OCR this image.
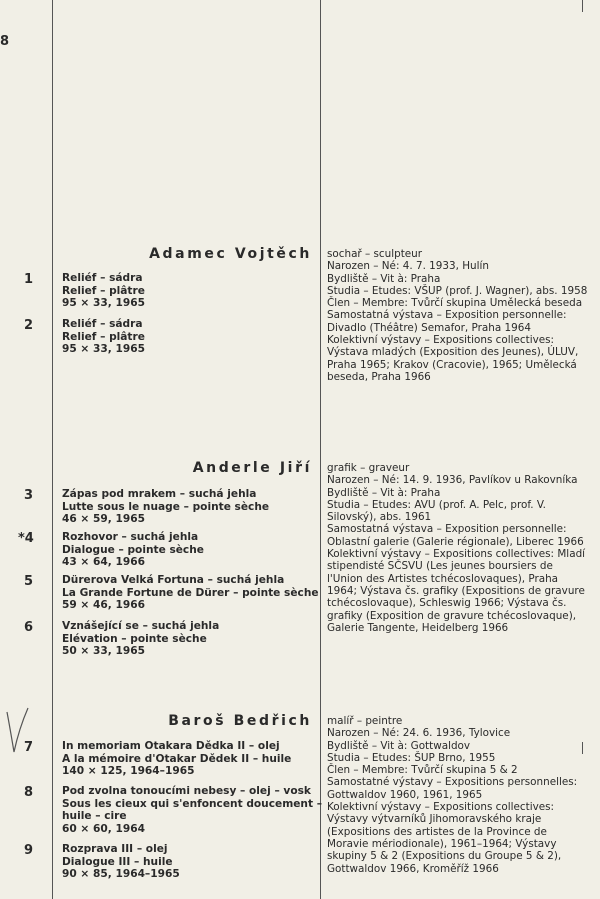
8
Adamec Vojtěch
1	Reliéf – sádra
Relief – plâtre
95 × 33, 1965
2	Reliéf – sádra
Relief – plâtre
95 × 33, 1965
sochař – sculpteur
Narozen – Né: 4. 7. 1933, Hulín
Bydliště – Vit à: Praha
Studia – Etudes: VŠUP (prof. J. Wagner), abs. 1958
Člen – Membre: Tvůrčí skupina Umělecká beseda
Samostatná výstava – Exposition personnelle: Divadlo (Théâtre) Semafor, Praha 1964
Kolektivní výstavy – Expositions collectives: Výstava mladých (Exposition des Jeunes), ÚLUV, Praha 1965; Krakov (Cracovie), 1965; Umělecká beseda, Praha 1966
Anderle Jiří
3	Zápas pod mrakem – suchá jehla
Lutte sous le nuage – pointe sèche
46 × 59, 1965
*4	Rozhovor – suchá jehla
Dialogue – pointe sèche
43 × 64, 1966
5	Dürerova Velká Fortuna – suchá jehla
La Grande Fortune de Dürer – pointe sèche
59 × 46, 1966
6	Vznášející se – suchá jehla
Elévation – pointe sèche
50 × 33, 1965
grafik – graveur
Narozen – Né: 14. 9. 1936, Pavlíkov u Rakovníka
Bydliště – Vit à: Praha
Studia – Etudes: AVU (prof. A. Pelc, prof. V. Silovský), abs. 1961
Samostatná výstava – Exposition personnelle: Oblastní galerie (Galerie régionale), Liberec 1966
Kolektivní výstavy – Expositions collectives: Mladí stipendisté SČSVU (Les jeunes boursiers de l'Union des Artistes tchécoslovaques), Praha 1964; Výstava čs. grafiky (Expositions de gravure tchécoslovaque), Schleswig 1966; Výstava čs. grafiky (Exposition de gravure tchécoslovaque), Galerie Tangente, Heidelberg 1966
Baroš Bedřich
7	In memoriam Otakara Dědka II – olej
A la mémoire d'Otakar Dědek II – huile
140 × 125, 1964–1965
8	Pod zvolna tonoucími nebesy – olej – vosk
Sous les cieux qui s'enfoncent doucement –
huile – cire
60 × 60, 1964
9	Rozprava III – olej
Dialogue III – huile
90 × 85, 1964–1965
malíř – peintre
Narozen – Né: 24. 6. 1936, Tylovice
Bydliště – Vit à: Gottwaldov
Studia – Etudes: ŠUP Brno, 1955
Člen – Membre: Tvůrčí skupina 5 & 2
Samostatné výstavy – Expositions personnelles: Gottwaldov 1960, 1961, 1965
Kolektivní výstavy – Expositions collectives: Výstavy výtvarníků Jihomoravského kraje (Expositions des artistes de la Province de Moravie mériodionale), 1961–1964; Výstavy skupiny 5 & 2 (Expositions du Groupe 5 & 2), Gottwaldov 1966, Kroměříž 1966
